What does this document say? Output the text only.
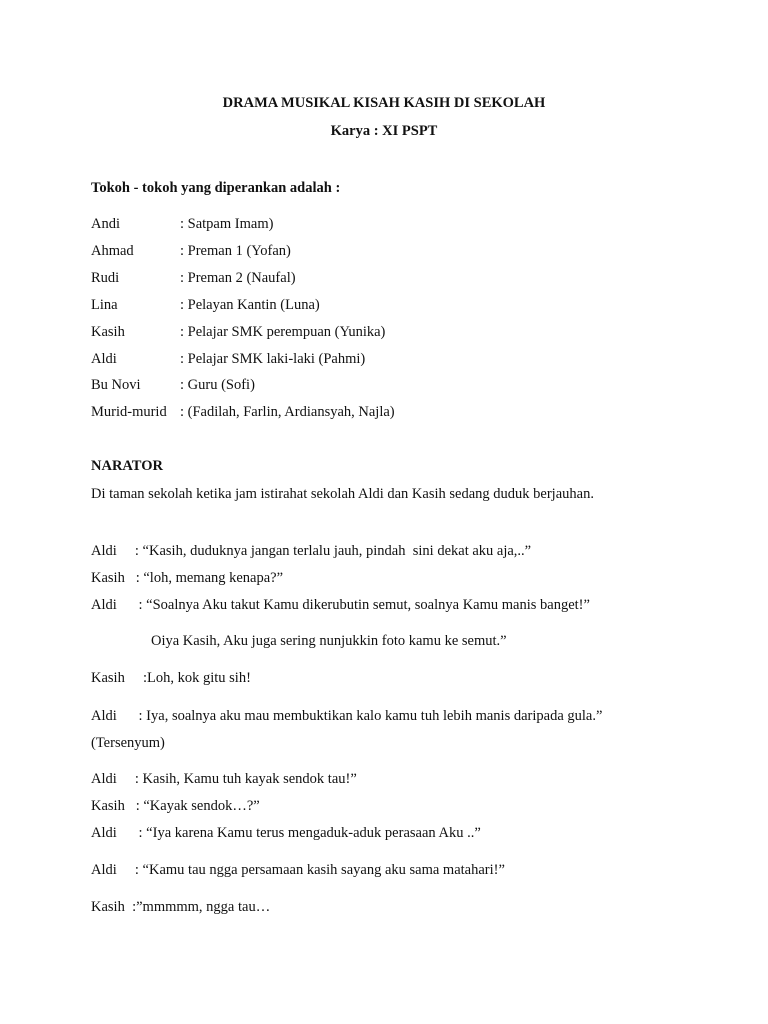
DRAMA MUSIKAL KISAH KASIH DI SEKOLAH
Karya : XI PSPT
Tokoh - tokoh yang diperankan adalah :
Andi	: Satpam Imam)
Ahmad	: Preman 1 (Yofan)
Rudi	: Preman 2 (Naufal)
Lina	: Pelayan Kantin (Luna)
Kasih	: Pelajar SMK perempuan (Yunika)
Aldi	: Pelajar SMK laki-laki (Pahmi)
Bu Novi	: Guru (Sofi)
Murid-murid : (Fadilah, Farlin, Ardiansyah, Najla)
NARATOR
Di taman sekolah ketika jam istirahat sekolah Aldi dan Kasih sedang duduk berjauhan.
Aldi     : “Kasih, duduknya jangan terlalu jauh, pindah  sini dekat aku aja,..”
Kasih   : “loh, memang kenapa?”
Aldi      : “Soalnya Aku takut Kamu dikerubutin semut, soalnya Kamu manis banget!”
Oiya Kasih, Aku juga sering nunjukkin foto kamu ke semut.”
Kasih     :Loh, kok gitu sih!
Aldi      : Iya, soalnya aku mau membuktikan kalo kamu tuh lebih manis daripada gula.”
(Tersenyum)
Aldi     : Kasih, Kamu tuh kayak sendok tau!”
Kasih   : “Kayak sendok…?”
Aldi      : “Iya karena Kamu terus mengaduk-aduk perasaan Aku ..”
Aldi     : “Kamu tau ngga persamaan kasih sayang aku sama matahari!”
Kasih  :”mmmmm, ngga tau…
